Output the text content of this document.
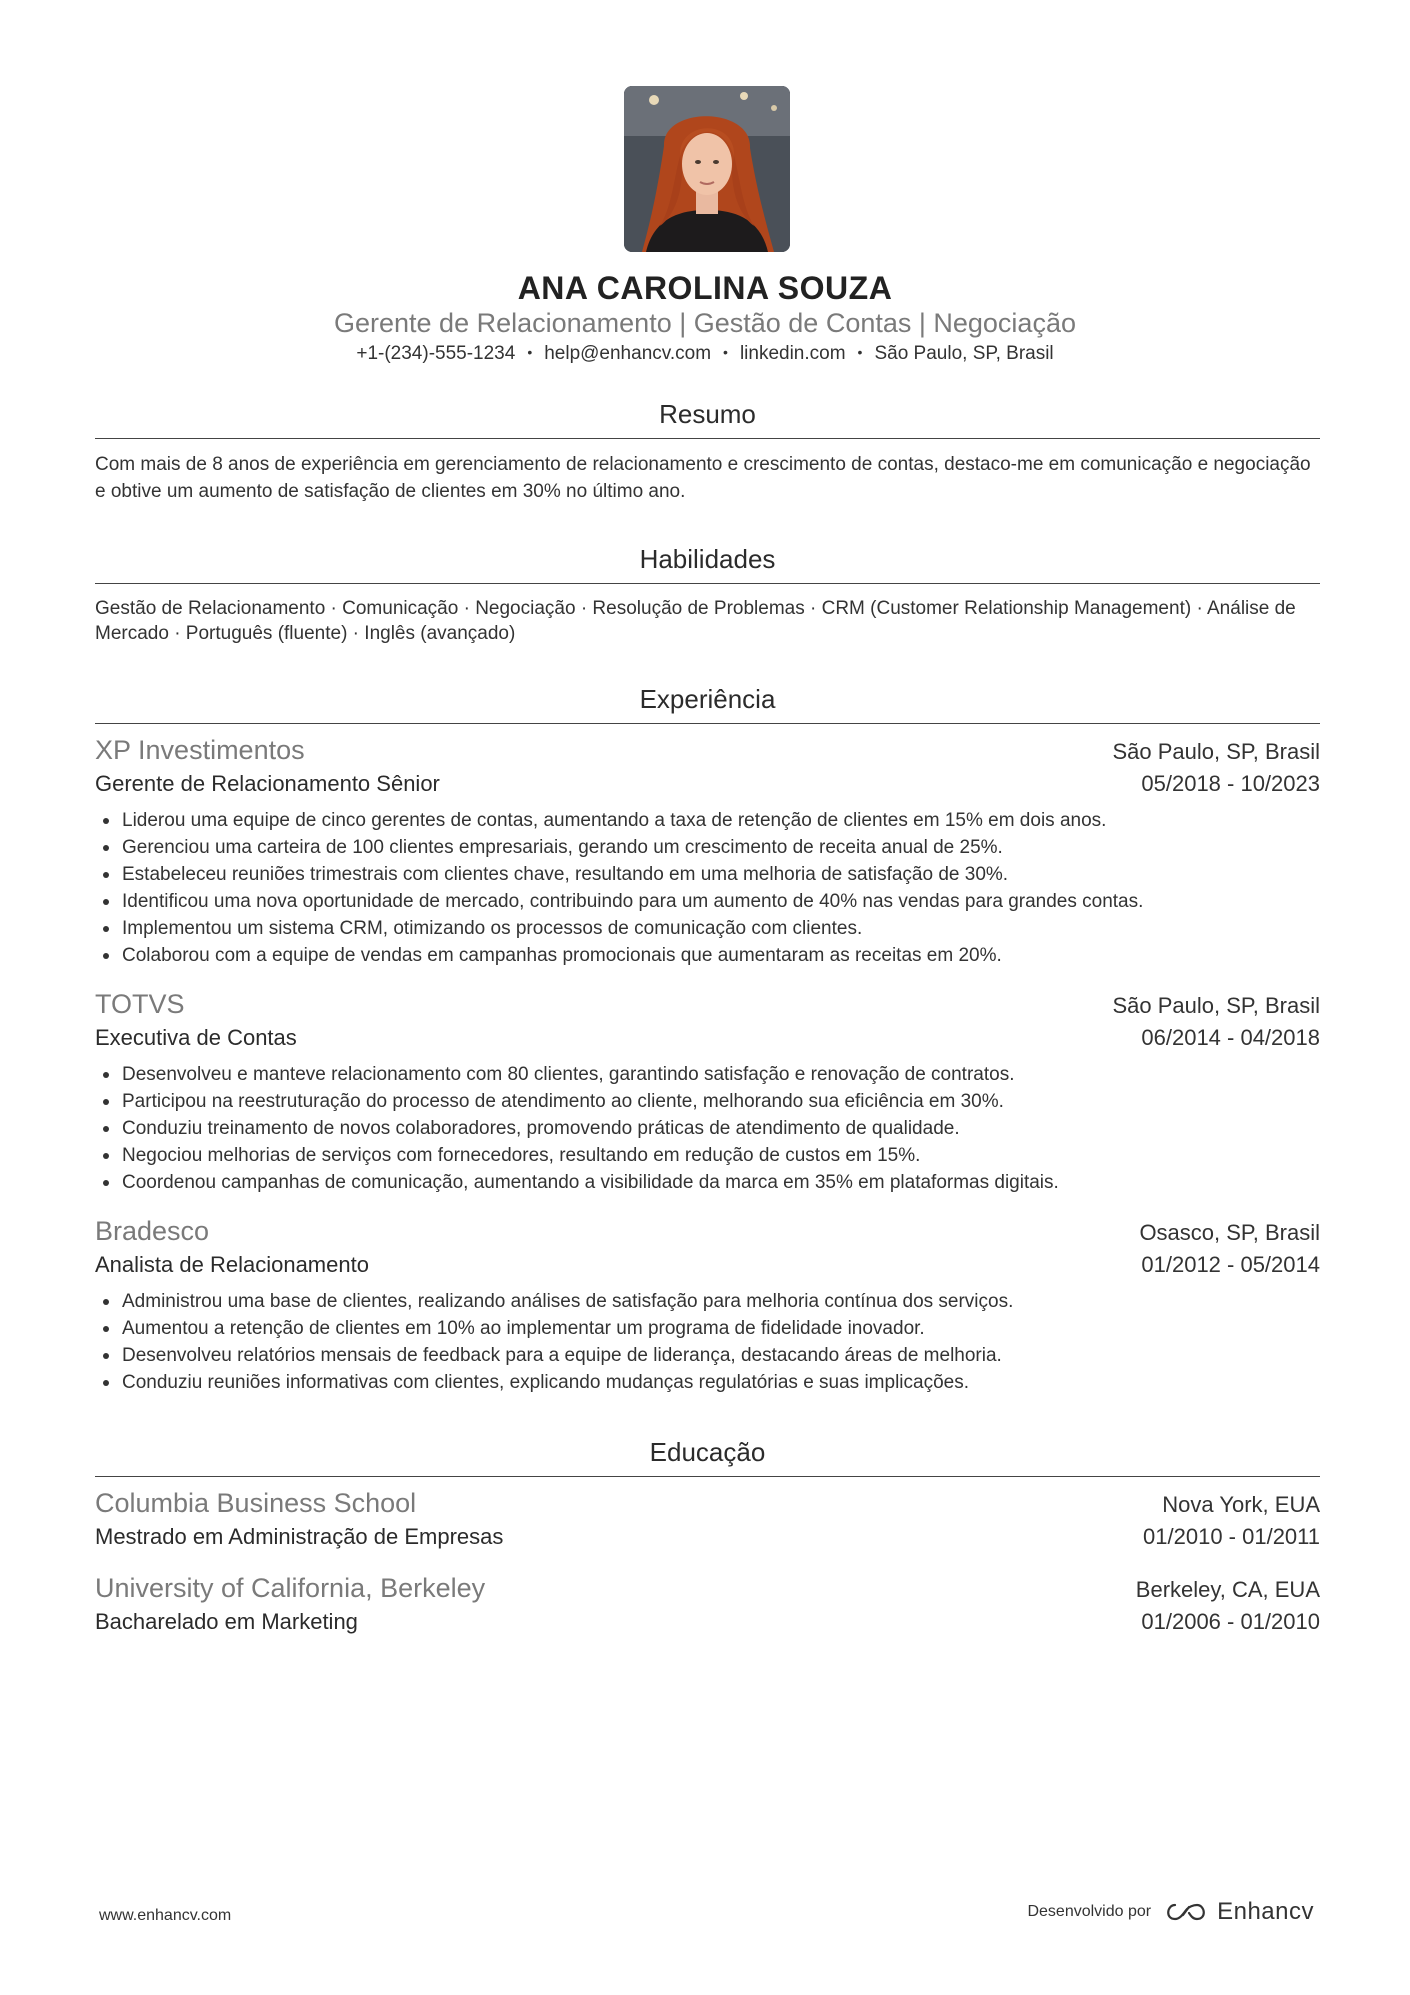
ANA CAROLINA SOUZA
Gerente de Relacionamento | Gestão de Contas | Negociação
+1-(234)-555-1234 • help@enhancv.com • linkedin.com • São Paulo, SP, Brasil
Resumo
Com mais de 8 anos de experiência em gerenciamento de relacionamento e crescimento de contas, destaco-me em comunicação e negociação e obtive um aumento de satisfação de clientes em 30% no último ano.
Habilidades
Gestão de Relacionamento · Comunicação · Negociação · Resolução de Problemas · CRM (Customer Relationship Management) · Análise de Mercado · Português (fluente) · Inglês (avançado)
Experiência
XP Investimentos	São Paulo, SP, Brasil
Gerente de Relacionamento Sênior	05/2018 - 10/2023
Liderou uma equipe de cinco gerentes de contas, aumentando a taxa de retenção de clientes em 15% em dois anos.
Gerenciou uma carteira de 100 clientes empresariais, gerando um crescimento de receita anual de 25%.
Estabeleceu reuniões trimestrais com clientes chave, resultando em uma melhoria de satisfação de 30%.
Identificou uma nova oportunidade de mercado, contribuindo para um aumento de 40% nas vendas para grandes contas.
Implementou um sistema CRM, otimizando os processos de comunicação com clientes.
Colaborou com a equipe de vendas em campanhas promocionais que aumentaram as receitas em 20%.
TOTVS	São Paulo, SP, Brasil
Executiva de Contas	06/2014 - 04/2018
Desenvolveu e manteve relacionamento com 80 clientes, garantindo satisfação e renovação de contratos.
Participou na reestruturação do processo de atendimento ao cliente, melhorando sua eficiência em 30%.
Conduziu treinamento de novos colaboradores, promovendo práticas de atendimento de qualidade.
Negociou melhorias de serviços com fornecedores, resultando em redução de custos em 15%.
Coordenou campanhas de comunicação, aumentando a visibilidade da marca em 35% em plataformas digitais.
Bradesco	Osasco, SP, Brasil
Analista de Relacionamento	01/2012 - 05/2014
Administrou uma base de clientes, realizando análises de satisfação para melhoria contínua dos serviços.
Aumentou a retenção de clientes em 10% ao implementar um programa de fidelidade inovador.
Desenvolveu relatórios mensais de feedback para a equipe de liderança, destacando áreas de melhoria.
Conduziu reuniões informativas com clientes, explicando mudanças regulatórias e suas implicações.
Educação
Columbia Business School	Nova York, EUA
Mestrado em Administração de Empresas	01/2010 - 01/2011
University of California, Berkeley	Berkeley, CA, EUA
Bacharelado em Marketing	01/2006 - 01/2010
www.enhancv.com	Desenvolvido por	Enhancv
